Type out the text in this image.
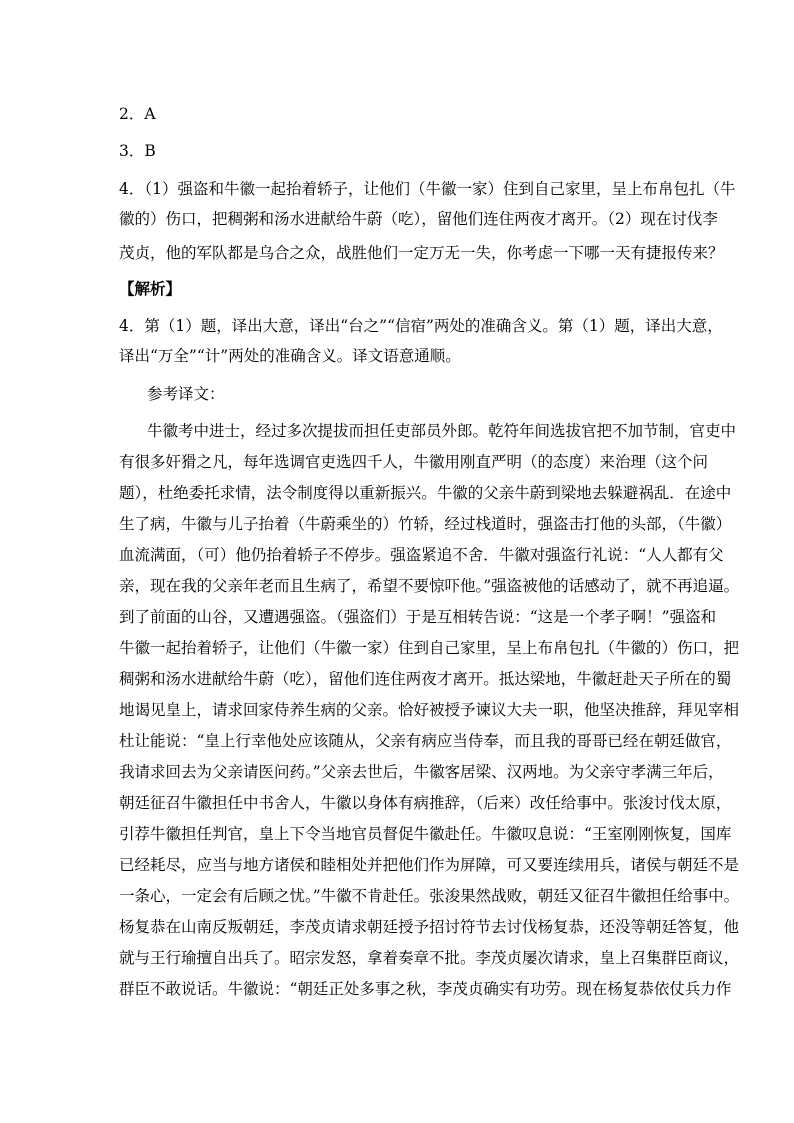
2．A
3．B
4．（1）强盗和牛徽一起抬着轿子，让他们（牛徽一家）住到自己家里，呈上布帛包扎（牛
徽的）伤口，把稠粥和汤水进献给牛蔚（吃），留他们连住两夜才离开。（2）现在讨伐李
茂贞，他的军队都是乌合之众，战胜他们一定万无一失，你考虑一下哪一天有捷报传来？
【解析】
4．第（1）题，译出大意，译出“台之”“信宿”两处的准确含义。第（1）题，译出大意，
译出“万全”“计”两处的准确含义。译文语意通顺。
参考译文：
牛徽考中进士，经过多次提拔而担任吏部员外郎。乾符年间选拔官把不加节制，官吏中
有很多奸猾之凡，每年选调官吏选四千人，牛徽用刚直严明（的态度）来治理（这个问
题），杜绝委托求情，法令制度得以重新振兴。牛徽的父亲牛蔚到梁地去躲避祸乱．在途中
生了病，牛徽与儿子抬着（牛蔚乘坐的）竹轿，经过栈道时，强盗击打他的头部，（牛徽）
血流满面，（可）他仍抬着轿子不停步。强盗紧追不舍．牛徽对强盗行礼说：“人人都有父
亲，现在我的父亲年老而且生病了，希望不要惊吓他。”强盗被他的话感动了，就不再追逼。
到了前面的山谷，又遭遇强盗。（强盗们）于是互相转告说：“这是一个孝子啊！”强盗和
牛徽一起抬着轿子，让他们（牛徽一家）住到自己家里，呈上布帛包扎（牛徽的）伤口，把
稠粥和汤水进献给牛蔚（吃），留他们连住两夜才离开。抵达梁地，牛徽赶赴天子所在的蜀
地谒见皇上，请求回家侍养生病的父亲。恰好被授予谏议大夫一职，他坚决推辞，拜见宰相
杜让能说：“皇上行幸他处应该随从，父亲有病应当侍奉，而且我的哥哥已经在朝廷做官，
我请求回去为父亲请医问药。”父亲去世后，牛徽客居梁、汉两地。为父亲守孝满三年后，
朝廷征召牛徽担任中书舍人，牛徽以身体有病推辞，（后来）改任给事中。张浚讨伐太原，
引荐牛徽担任判官，皇上下令当地官员督促牛徽赴任。牛徽叹息说：“王室刚刚恢复，国库
已经耗尽，应当与地方诸侯和睦相处并把他们作为屏障，可又要连续用兵，诸侯与朝廷不是
一条心，一定会有后顾之忧。”牛徽不肯赴任。张浚果然战败，朝廷又征召牛徽担任给事中。
杨复恭在山南反叛朝廷，李茂贞请求朝廷授予招讨符节去讨伐杨复恭，还没等朝廷答复，他
就与王行瑜擅自出兵了。昭宗发怒，拿着奏章不批。李茂贞屡次请求，皇上召集群臣商议，
群臣不敢说话。牛徽说：“朝廷正处多事之秋，李茂贞确实有功劳。现在杨复恭依仗兵力作
